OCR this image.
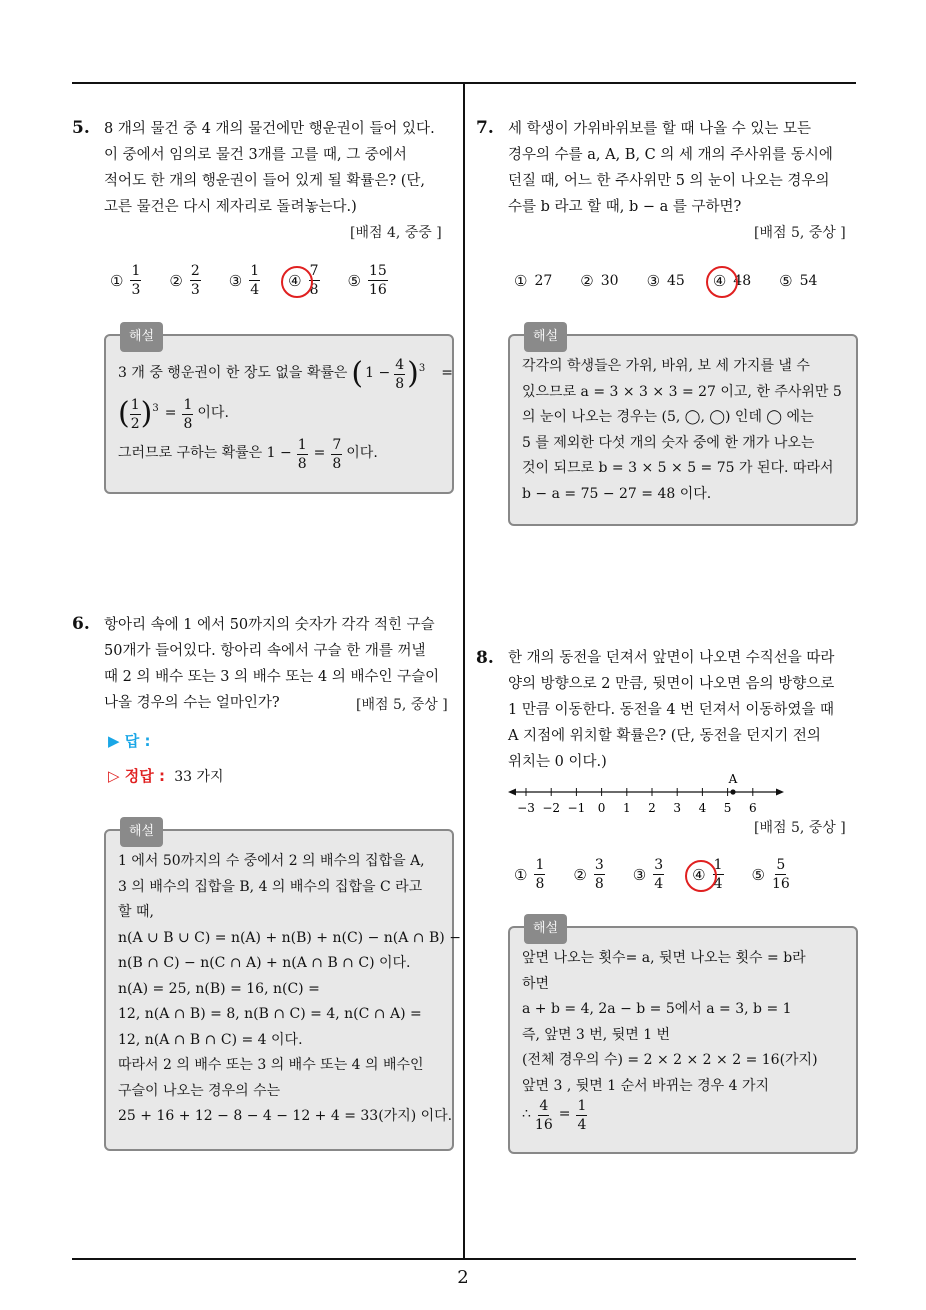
5. 8 개의 물건 중 4 개의 물건에만 행운권이 들어 있다.
이 중에서 임의로 물건 3개를 고를 때, 그 중에서
적어도 한 개의 행운권이 들어 있게 될 확률은? (단,
고른 물건은 다시 제자리로 돌려놓는다.)
[배점 4, 중중 ]
① $\frac{1}{3}$ ② $\frac{2}{3}$ ③ $\frac{1}{4}$ ④ $\frac{7}{8}$ ⑤ $\frac{15}{16}$
해설
3 개 중 행운권이 한 장도 없을 확률은 ( $1 - \frac{4}{8} )^3$ =
( $\frac{1}{2} )^3 = \frac{1}{8}$ 이다.
그러므로 구하는 확률은 $1 - \frac{1}{8} = \frac{7}{8}$ 이다.
6. 항아리 속에 1 에서 50까지의 숫자가 각각 적힌 구슬
50개가 들어있다. 항아리 속에서 구슬 한 개를 꺼낼
때 2 의 배수 또는 3 의 배수 또는 4 의 배수인 구슬이
나올 경우의 수는 얼마인가?	[배점 5, 중상 ]
▶ 답 :
▷ 정답 : 33 가지
해설
1 에서 50까지의 수 중에서 2 의 배수의 집합을 A,
3 의 배수의 집합을 B, 4 의 배수의 집합을 C 라고
할 때,
n(A ∪ B ∪ C) = n(A) + n(B) + n(C) − n(A ∩ B) −
n(B ∩ C) − n(C ∩ A) + n(A ∩ B ∩ C) 이다.
n(A) = 25, n(B) = 16, n(C) =
12, n(A ∩ B) = 8, n(B ∩ C) = 4, n(C ∩ A) =
12, n(A ∩ B ∩ C) = 4 이다.
따라서 2 의 배수 또는 3 의 배수 또는 4 의 배수인
구슬이 나오는 경우의 수는
25 + 16 + 12 − 8 − 4 − 12 + 4 = 33(가지) 이다.
7. 세 학생이 가위바위보를 할 때 나올 수 있는 모든
경우의 수를 a, A, B, C 의 세 개의 주사위를 동시에
던질 때, 어느 한 주사위만 5 의 눈이 나오는 경우의
수를 b 라고 할 때, b − a 를 구하면?
[배점 5, 중상 ]
① 27 ② 30 ③ 45 ④ 48 ⑤ 54
해설
각각의 학생들은 가위, 바위, 보 세 가지를 낼 수
있으므로 a = 3 × 3 × 3 = 27 이고, 한 주사위만 5
의 눈이 나오는 경우는 (5, ◯, ◯) 인데 ◯ 에는
5 를 제외한 다섯 개의 숫자 중에 한 개가 나오는
것이 되므로 b = 3 × 5 × 5 = 75 가 된다. 따라서
b − a = 75 − 27 = 48 이다.
8. 한 개의 동전을 던져서 앞면이 나오면 수직선을 따라
양의 방향으로 2 만큼, 뒷면이 나오면 음의 방향으로
1 만큼 이동한다. 동전을 4 번 던져서 이동하였을 때
A 지점에 위치할 확률은? (단, 동전을 던지기 전의
위치는 0 이다.)
−3 −2 −1 0 1 2 3 4 5 6
A
[배점 5, 중상 ]
① $\frac{1}{8}$ ② $\frac{3}{8}$ ③ $\frac{3}{4}$ ④ $\frac{1}{4}$ ⑤ $\frac{5}{16}$
해설
앞면 나오는 횟수= a, 뒷면 나오는 횟수 = b라
하면
a + b = 4, 2a − b = 5에서 a = 3, b = 1
즉, 앞면 3 번, 뒷면 1 번
(전체 경우의 수) = 2 × 2 × 2 × 2 = 16(가지)
앞면 3 , 뒷면 1 순서 바뀌는 경우 4 가지
∴ $\frac{4}{16} = \frac{1}{4}$
2
